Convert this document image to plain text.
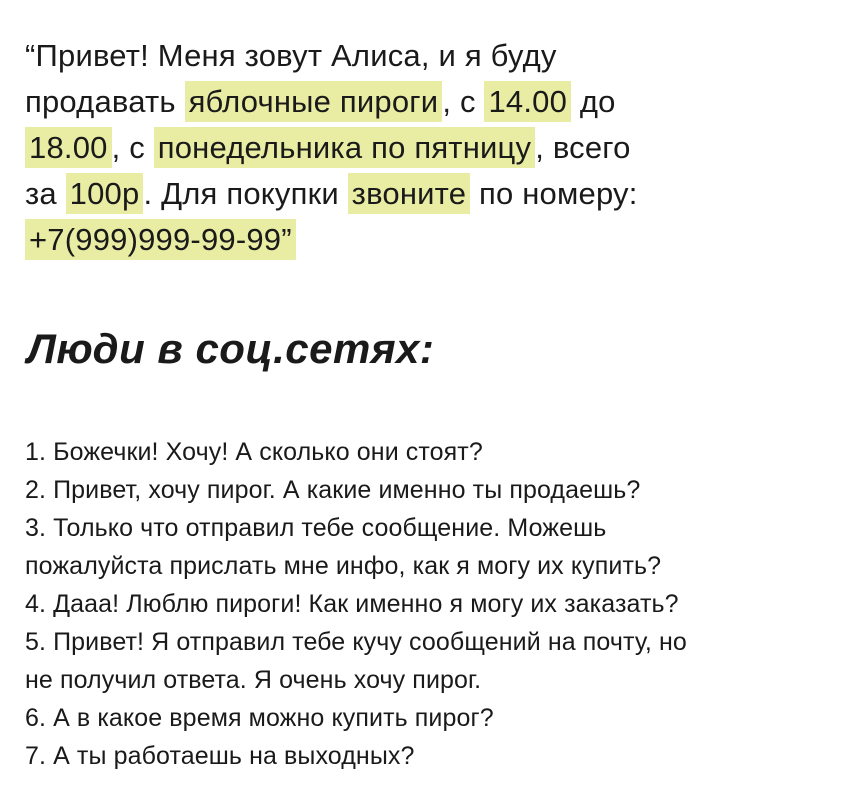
“Привет! Меня зовут Алиса, и я буду
продавать яблочные пироги , с 14.00 до
18.00 , с понедельника по пятницу , всего
за 100р . Для покупки звоните по номеру:
+7(999)999-99-99”
Люди в соц.сетях:
1. Божечки! Хочу! А сколько они стоят?
2. Привет, хочу пирог. А какие именно ты продаешь?
3. Только что отправил тебе сообщение. Можешь
пожалуйста прислать мне инфо, как я могу их купить?
4. Дааа! Люблю пироги! Как именно я могу их заказать?
5. Привет! Я отправил тебе кучу сообщений на почту, но
не получил ответа. Я очень хочу пирог.
6. А в какое время можно купить пирог?
7. А ты работаешь на выходных?
